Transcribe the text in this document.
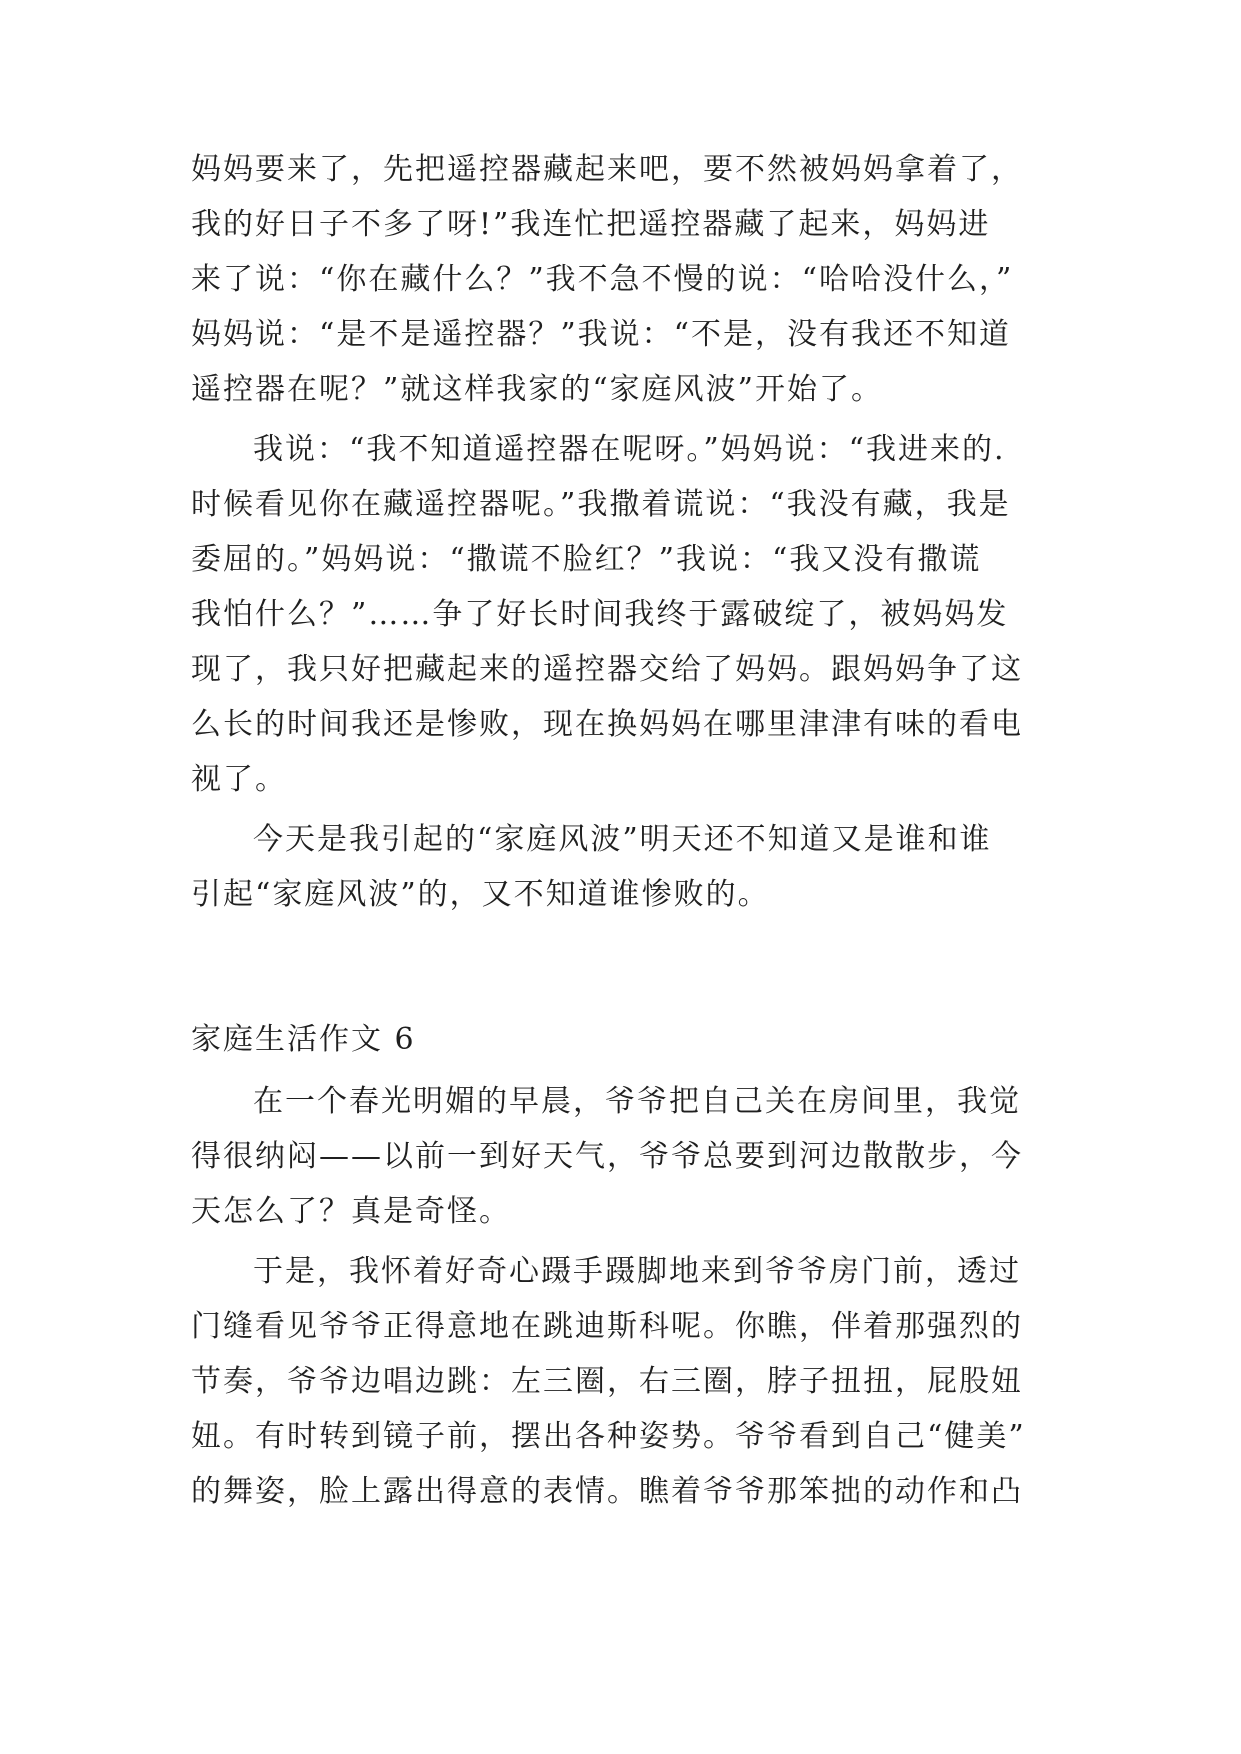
妈妈要来了，先把遥控器藏起来吧，要不然被妈妈拿着了，
我的好日子不多了呀!”我连忙把遥控器藏了起来，妈妈进
来了说：“你在藏什么？”我不急不慢的说：“哈哈没什么，”
妈妈说：“是不是遥控器？”我说：“不是，没有我还不知道
遥控器在呢？”就这样我家的“家庭风波”开始了。
我说：“我不知道遥控器在呢呀。”妈妈说：“我进来的.
时候看见你在藏遥控器呢。”我撒着谎说：“我没有藏，我是
委屈的。”妈妈说：“撒谎不脸红？”我说：“我又没有撒谎
我怕什么？”……争了好长时间我终于露破绽了，被妈妈发
现了，我只好把藏起来的遥控器交给了妈妈。跟妈妈争了这
么长的时间我还是惨败，现在换妈妈在哪里津津有味的看电
视了。
今天是我引起的“家庭风波”明天还不知道又是谁和谁
引起“家庭风波”的，又不知道谁惨败的。
家庭生活作文 6
在一个春光明媚的早晨，爷爷把自己关在房间里，我觉
得很纳闷——以前一到好天气，爷爷总要到河边散散步，今
天怎么了？真是奇怪。
于是，我怀着好奇心蹑手蹑脚地来到爷爷房门前，透过
门缝看见爷爷正得意地在跳迪斯科呢。你瞧，伴着那强烈的
节奏，爷爷边唱边跳：左三圈，右三圈，脖子扭扭，屁股妞
妞。有时转到镜子前，摆出各种姿势。爷爷看到自己“健美”
的舞姿，脸上露出得意的表情。瞧着爷爷那笨拙的动作和凸
